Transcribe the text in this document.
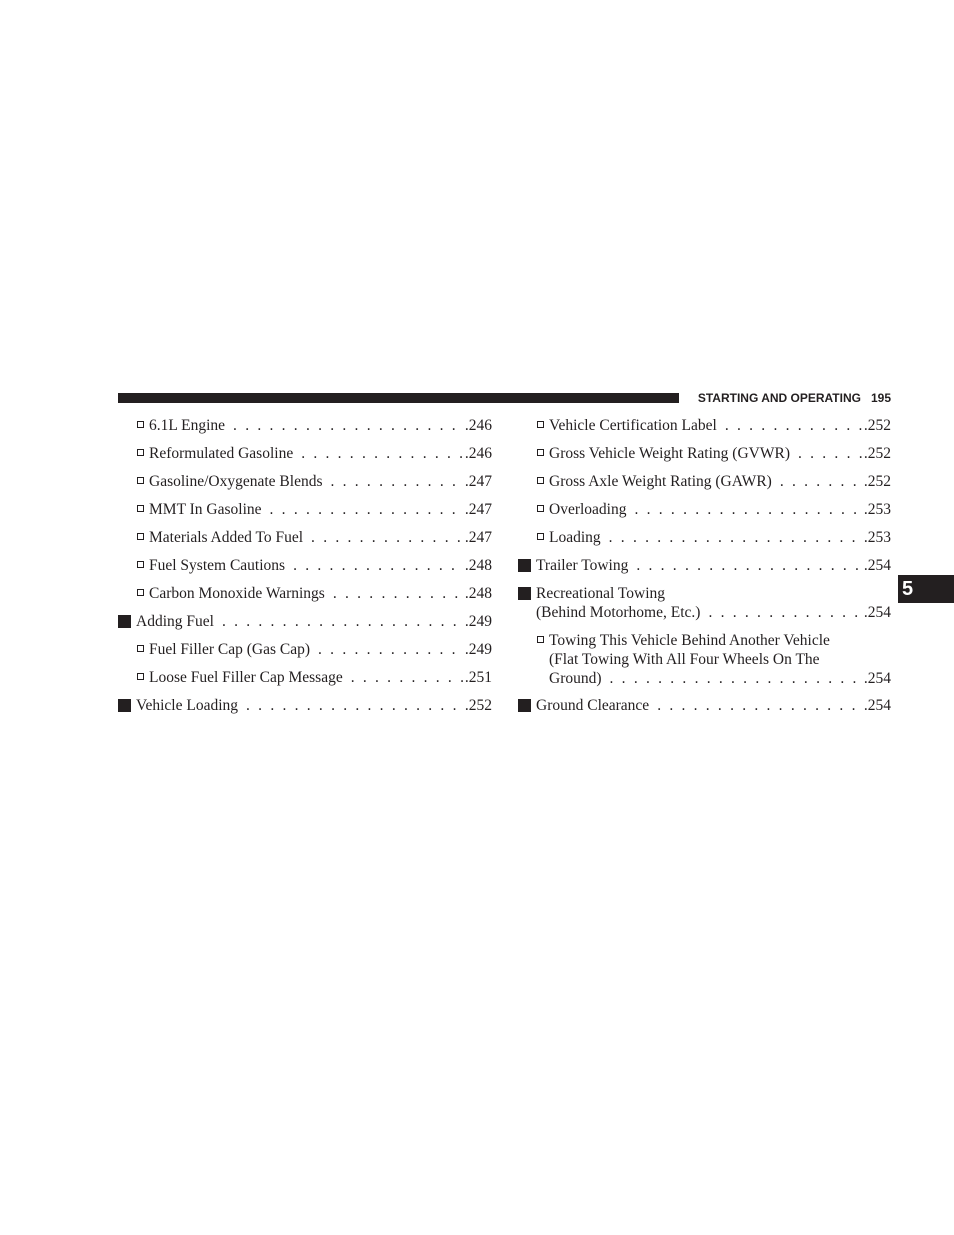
STARTING AND OPERATING 195
5
6.1L Engine . . .	.246
Reformulated Gasoline . . .	.246
Gasoline/Oxygenate Blends . . .	.247
MMT In Gasoline . . .	.247
Materials Added To Fuel . . .	.247
Fuel System Cautions . . .	.248
Carbon Monoxide Warnings . . .	.248
Adding Fuel . . .	.249
Fuel Filler Cap (Gas Cap) . . .	.249
Loose Fuel Filler Cap Message . . .	.251
Vehicle Loading . . .	.252
Vehicle Certification Label . . .	.252
Gross Vehicle Weight Rating (GVWR) . . .	.252
Gross Axle Weight Rating (GAWR) . . .	.252
Overloading . . .	.253
Loading . . .	.253
Trailer Towing . . .	.254
Recreational Towing
(Behind Motorhome, Etc.) . . .	.254
Towing This Vehicle Behind Another Vehicle
(Flat Towing With All Four Wheels On The
Ground) . . .	.254
Ground Clearance . . .	.254
